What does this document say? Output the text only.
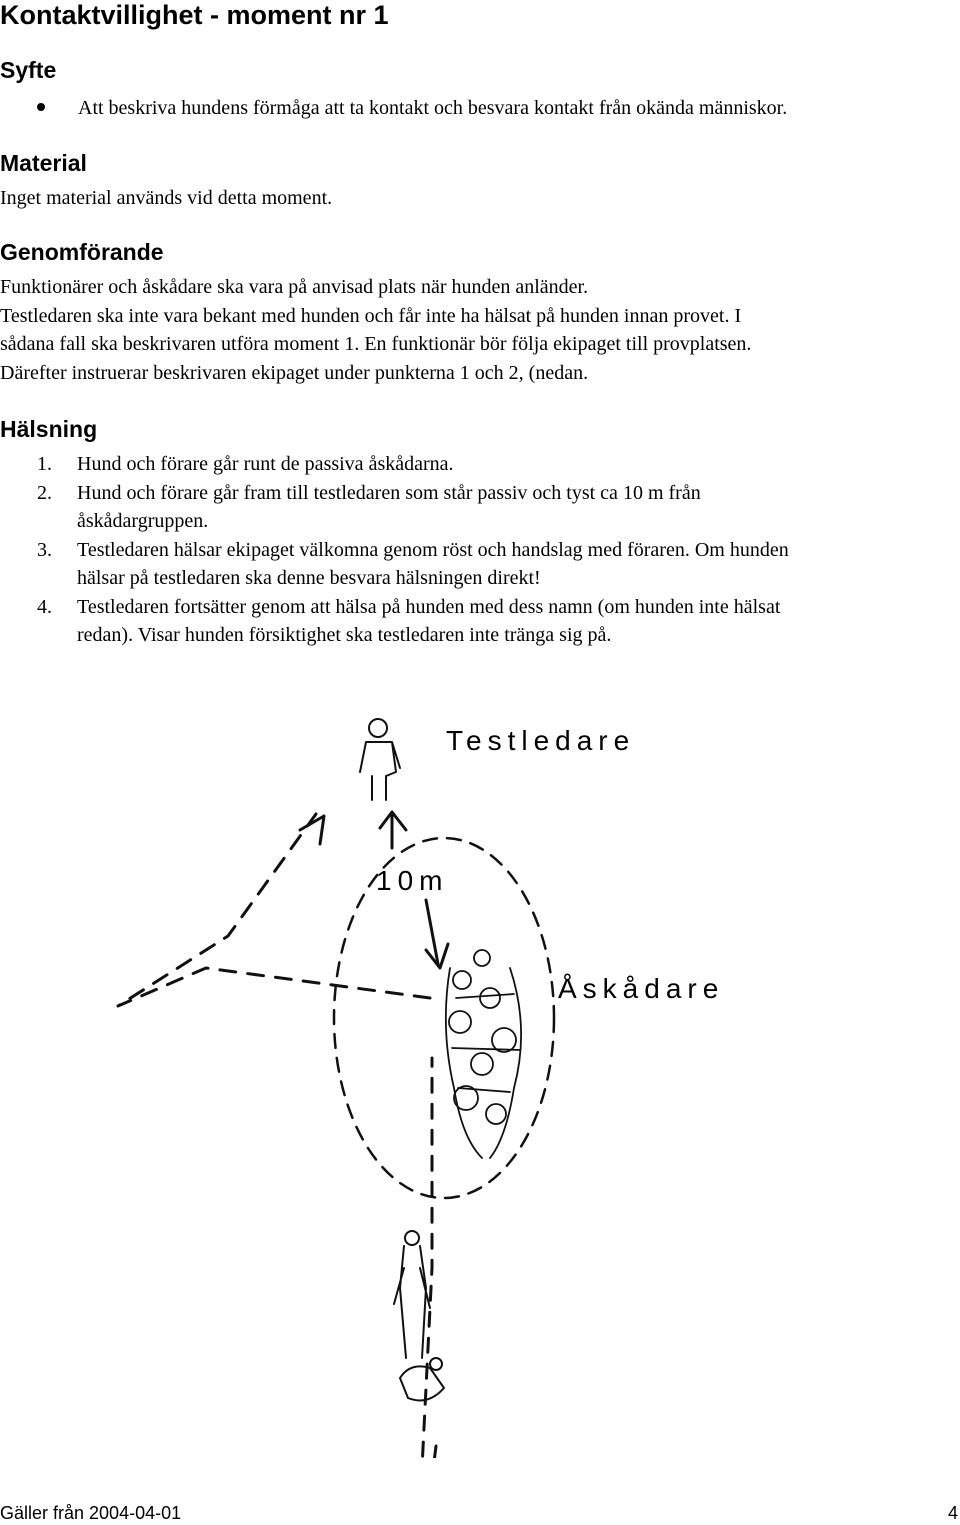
Kontaktvillighet - moment nr 1
Syfte
Att beskriva hundens förmåga att ta kontakt och besvara kontakt från okända människor.
Material

Inget material används vid detta moment.

Genomförande
Funktionärer och åskådare ska vara på anvisad plats när hunden anländer.
Testledaren ska inte vara bekant med hunden och får inte ha hälsat på hunden innan provet. I
sådana fall ska beskrivaren utföra moment 1. En funktionär bör följa ekipaget till provplatsen.
Därefter instruerar beskrivaren ekipaget under punkterna 1 och 2, (nedan.
Hälsning
1. Hund och förare går runt de passiva åskådarna.
2. Hund och förare går fram till testledaren som står passiv och tyst ca 10 m från
åskådargruppen.
3. Testledaren hälsar ekipaget välkomna genom röst och handslag med föraren. Om hunden
hälsar på testledaren ska denne besvara hälsningen direkt!
4. Testledaren fortsätter genom att hälsa på hunden med dess namn (om hunden inte hälsat
redan). Visar hunden försiktighet ska testledaren inte tränga sig på.
Testledare
10m
Åskådare
Gäller från 2004-04-01	4
